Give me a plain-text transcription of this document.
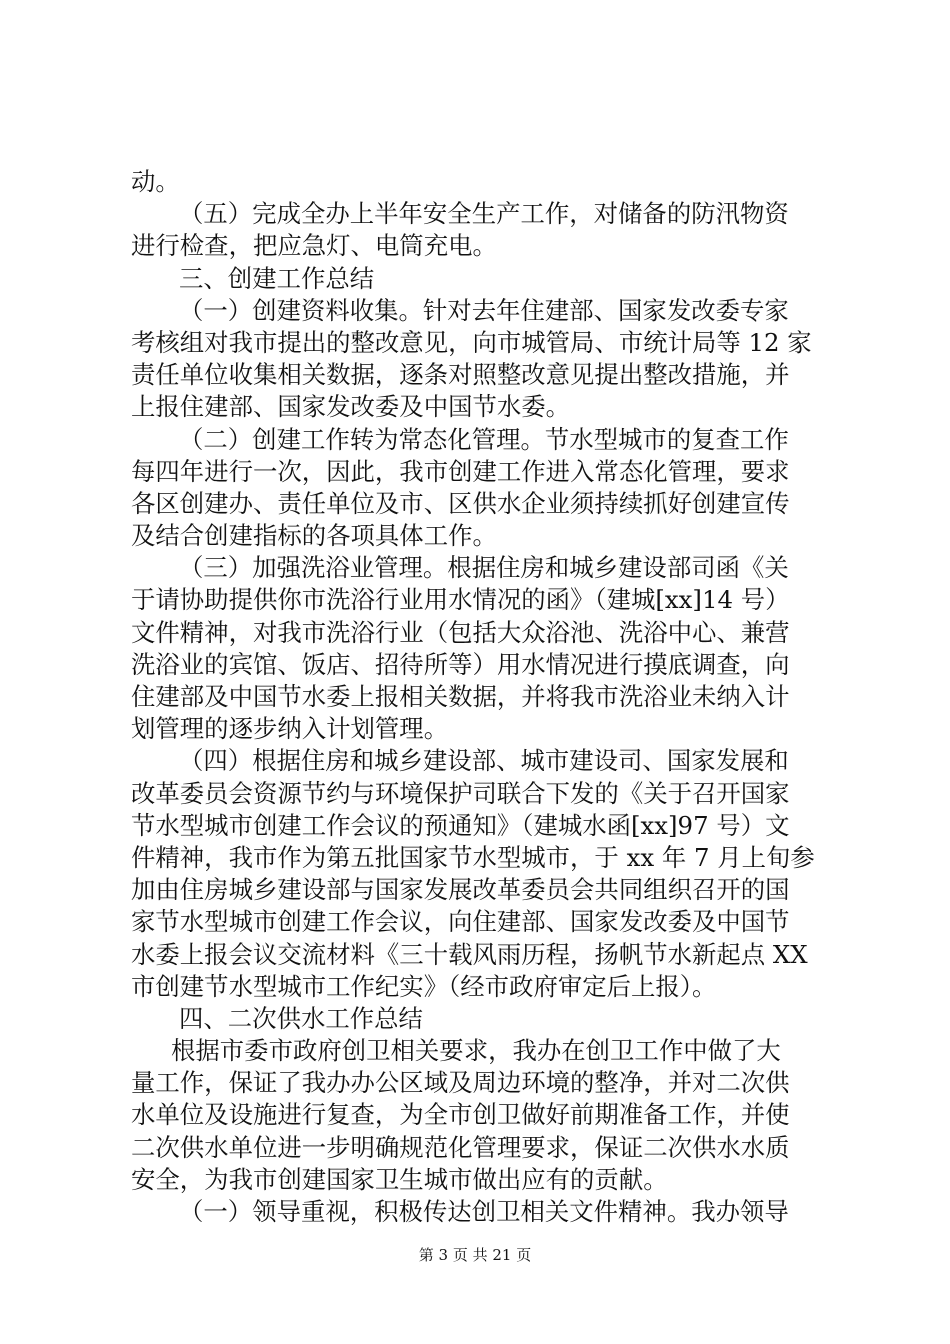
动。
（五）完成全办上半年安全生产工作，对储备的防汛物资
进行检查，把应急灯、电筒充电。
三、创建工作总结
（一）创建资料收集。针对去年住建部、国家发改委专家
考核组对我市提出的整改意见，向市城管局、市统计局等 12 家
责任单位收集相关数据，逐条对照整改意见提出整改措施，并
上报住建部、国家发改委及中国节水委。
（二）创建工作转为常态化管理。节水型城市的复查工作
每四年进行一次，因此，我市创建工作进入常态化管理，要求
各区创建办、责任单位及市、区供水企业须持续抓好创建宣传
及结合创建指标的各项具体工作。
（三）加强洗浴业管理。根据住房和城乡建设部司函《关
于请协助提供你市洗浴行业用水情况的函》（建城[xx]14 号）
文件精神，对我市洗浴行业（包括大众浴池、洗浴中心、兼营
洗浴业的宾馆、饭店、招待所等）用水情况进行摸底调查，向
住建部及中国节水委上报相关数据，并将我市洗浴业未纳入计
划管理的逐步纳入计划管理。
（四）根据住房和城乡建设部、城市建设司、国家发展和
改革委员会资源节约与环境保护司联合下发的《关于召开国家
节水型城市创建工作会议的预通知》（建城水函[xx]97 号）文
件精神，我市作为第五批国家节水型城市，于 xx 年 7 月上旬参
加由住房城乡建设部与国家发展改革委员会共同组织召开的国
家节水型城市创建工作会议，向住建部、国家发改委及中国节
水委上报会议交流材料《三十载风雨历程，扬帆节水新起点 XX
市创建节水型城市工作纪实》（经市政府审定后上报）。
四、二次供水工作总结
根据市委市政府创卫相关要求，我办在创卫工作中做了大
量工作，保证了我办办公区域及周边环境的整净，并对二次供
水单位及设施进行复查，为全市创卫做好前期准备工作，并使
二次供水单位进一步明确规范化管理要求，保证二次供水水质
安全，为我市创建国家卫生城市做出应有的贡献。
（一）领导重视，积极传达创卫相关文件精神。我办领导
第 3 页 共 21 页
